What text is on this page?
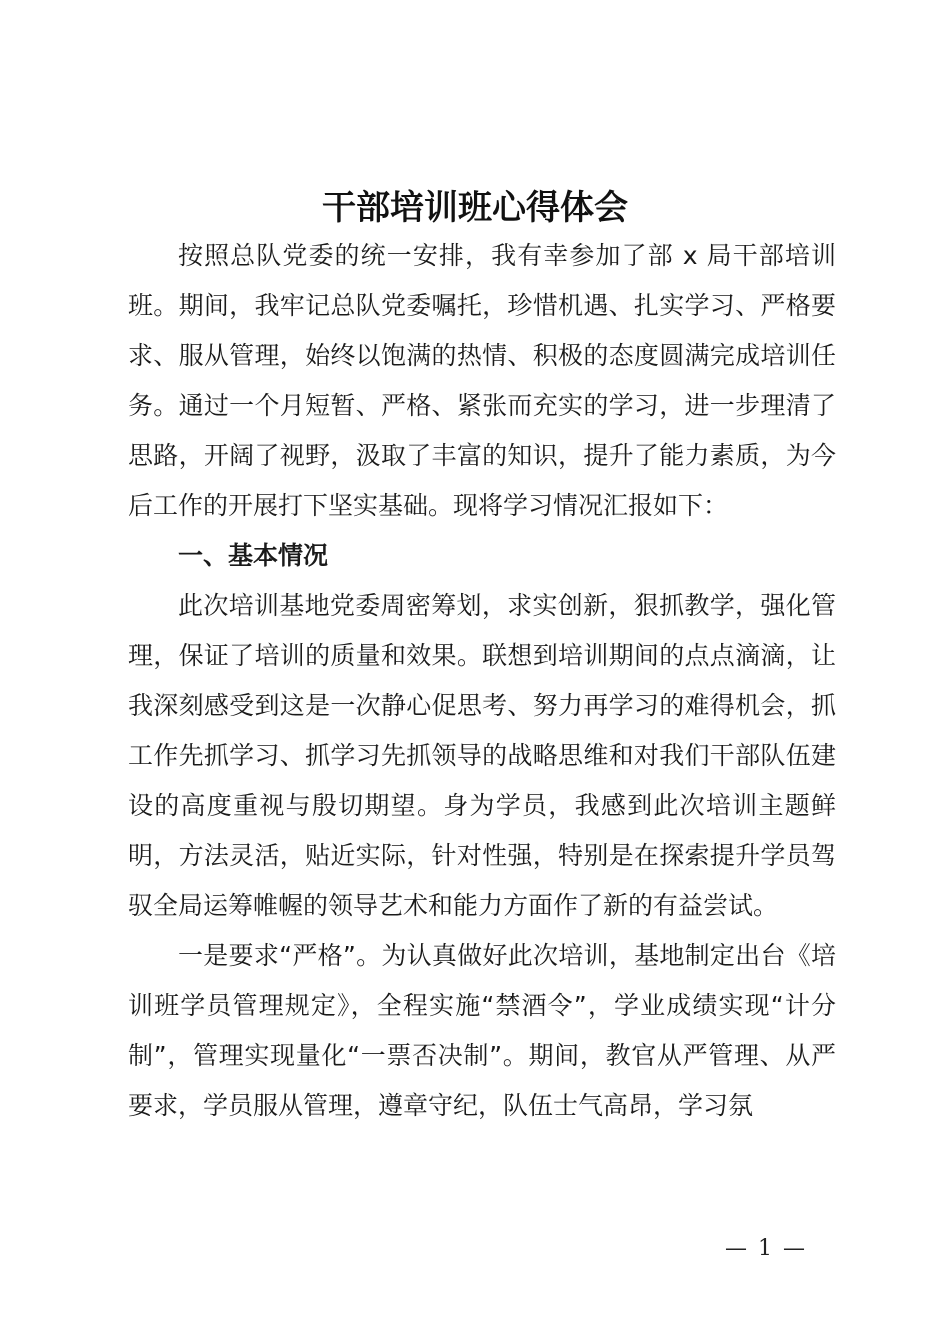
干部培训班心得体会

按照总队党委的统一安排，我有幸参加了部 x 局干部培训班。期间，我牢记总队党委嘱托，珍惜机遇、扎实学习、严格要求、服从管理，始终以饱满的热情、积极的态度圆满完成培训任务。通过一个月短暂、严格、紧张而充实的学习，进一步理清了思路，开阔了视野，汲取了丰富的知识，提升了能力素质，为今后工作的开展打下坚实基础。现将学习情况汇报如下：

一、基本情况

此次培训基地党委周密筹划，求实创新，狠抓教学，强化管理，保证了培训的质量和效果。联想到培训期间的点点滴滴，让我深刻感受到这是一次静心促思考、努力再学习的难得机会，抓工作先抓学习、抓学习先抓领导的战略思维和对我们干部队伍建设的高度重视与殷切期望。身为学员，我感到此次培训主题鲜明，方法灵活，贴近实际，针对性强，特别是在探索提升学员驾驭全局运筹帷幄的领导艺术和能力方面作了新的有益尝试。

一是要求“严格”。为认真做好此次培训，基地制定出台《培训班学员管理规定》，全程实施“禁酒令”，学业成绩实现“计分制”，管理实现量化“一票否决制”。期间，教官从严管理、从严要求，学员服从管理，遵章守纪，队伍士气高昂，学习氛

— 1 —
